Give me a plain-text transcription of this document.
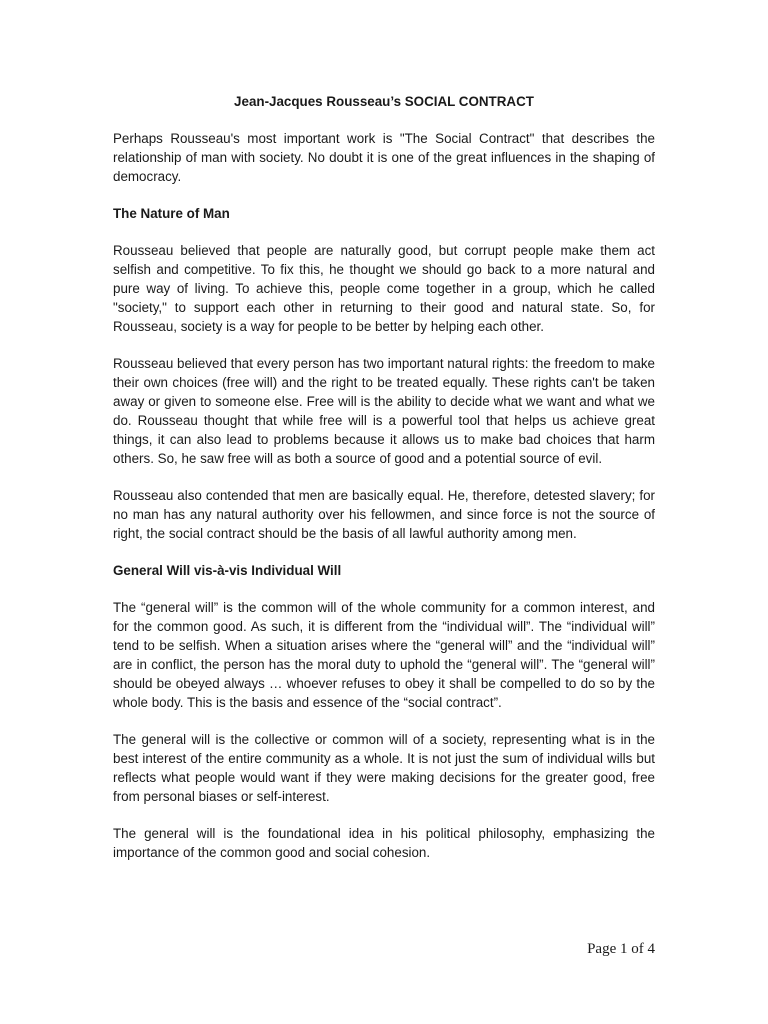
Jean-Jacques Rousseau’s SOCIAL CONTRACT
Perhaps Rousseau's most important work is "The Social Contract" that describes the relationship of man with society. No doubt it is one of the great influences in the shaping of democracy.
The Nature of Man
Rousseau believed that people are naturally good, but corrupt people make them act selfish and competitive. To fix this, he thought we should go back to a more natural and pure way of living. To achieve this, people come together in a group, which he called "society," to support each other in returning to their good and natural state. So, for Rousseau, society is a way for people to be better by helping each other.
Rousseau believed that every person has two important natural rights: the freedom to make their own choices (free will) and the right to be treated equally. These rights can't be taken away or given to someone else. Free will is the ability to decide what we want and what we do. Rousseau thought that while free will is a powerful tool that helps us achieve great things, it can also lead to problems because it allows us to make bad choices that harm others. So, he saw free will as both a source of good and a potential source of evil.
Rousseau also contended that men are basically equal. He, therefore, detested slavery; for no man has any natural authority over his fellowmen, and since force is not the source of right, the social contract should be the basis of all lawful authority among men.
General Will vis-à-vis Individual Will
The “general will” is the common will of the whole community for a common interest, and for the common good. As such, it is different from the “individual will”. The “individual will” tend to be selfish. When a situation arises where the “general will” and the “individual will” are in conflict, the person has the moral duty to uphold the “general will”. The “general will” should be obeyed always … whoever refuses to obey it shall be compelled to do so by the whole body. This is the basis and essence of the “social contract”.
The general will is the collective or common will of a society, representing what is in the best interest of the entire community as a whole. It is not just the sum of individual wills but reflects what people would want if they were making decisions for the greater good, free from personal biases or self-interest.
The general will is the foundational idea in his political philosophy, emphasizing the importance of the common good and social cohesion.
Page 1 of 4
